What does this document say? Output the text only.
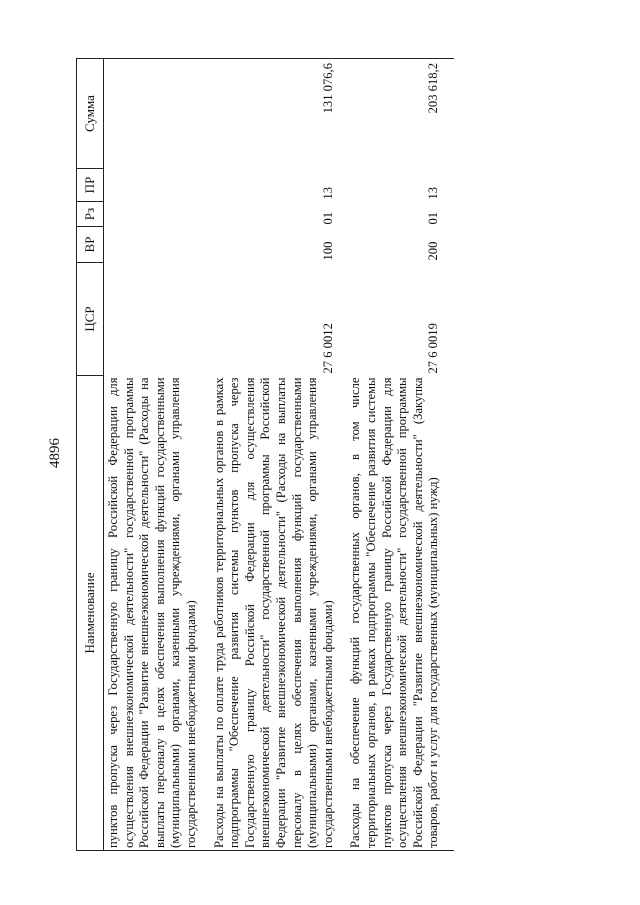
4896
Наименование	ЦСР	ВР	Рз	ПР	Сумма
пунктов пропуска через Государственную границу Российской Федерации для осуществления внешнеэкономической деятельности" государственной программы Российской Федерации "Развитие внешнеэкономической деятельности" (Расходы на выплаты персоналу в целях обеспечения выполнения функций государственными (муниципальными) органами, казенными учреждениями, органами управления государственными внебюджетными фондами)					
Расходы на выплаты по оплате труда работников территориальных органов в рамках подпрограммы "Обеспечение развития системы пунктов пропуска через Государственную границу Российской Федерации для осуществления внешнеэкономической деятельности" государственной программы Российской Федерации "Развитие внешнеэкономической деятельности" (Расходы на выплаты персоналу в целях обеспечения выполнения функций государственными (муниципальными) органами, казенными учреждениями, органами управления государственными внебюджетными фондами)	27 6 0012	100	01	13	131 076,6
Расходы на обеспечение функций государственных органов, в том числе территориальных органов, в рамках подпрограммы "Обеспечение развития системы пунктов пропуска через Государственную границу Российской Федерации для осуществления внешнеэкономической деятельности" государственной программы Российской Федерации "Развитие внешнеэкономической деятельности" (Закупка товаров, работ и услуг для государственных (муниципальных) нужд)	27 6 0019	200	01	13	203 618,2
